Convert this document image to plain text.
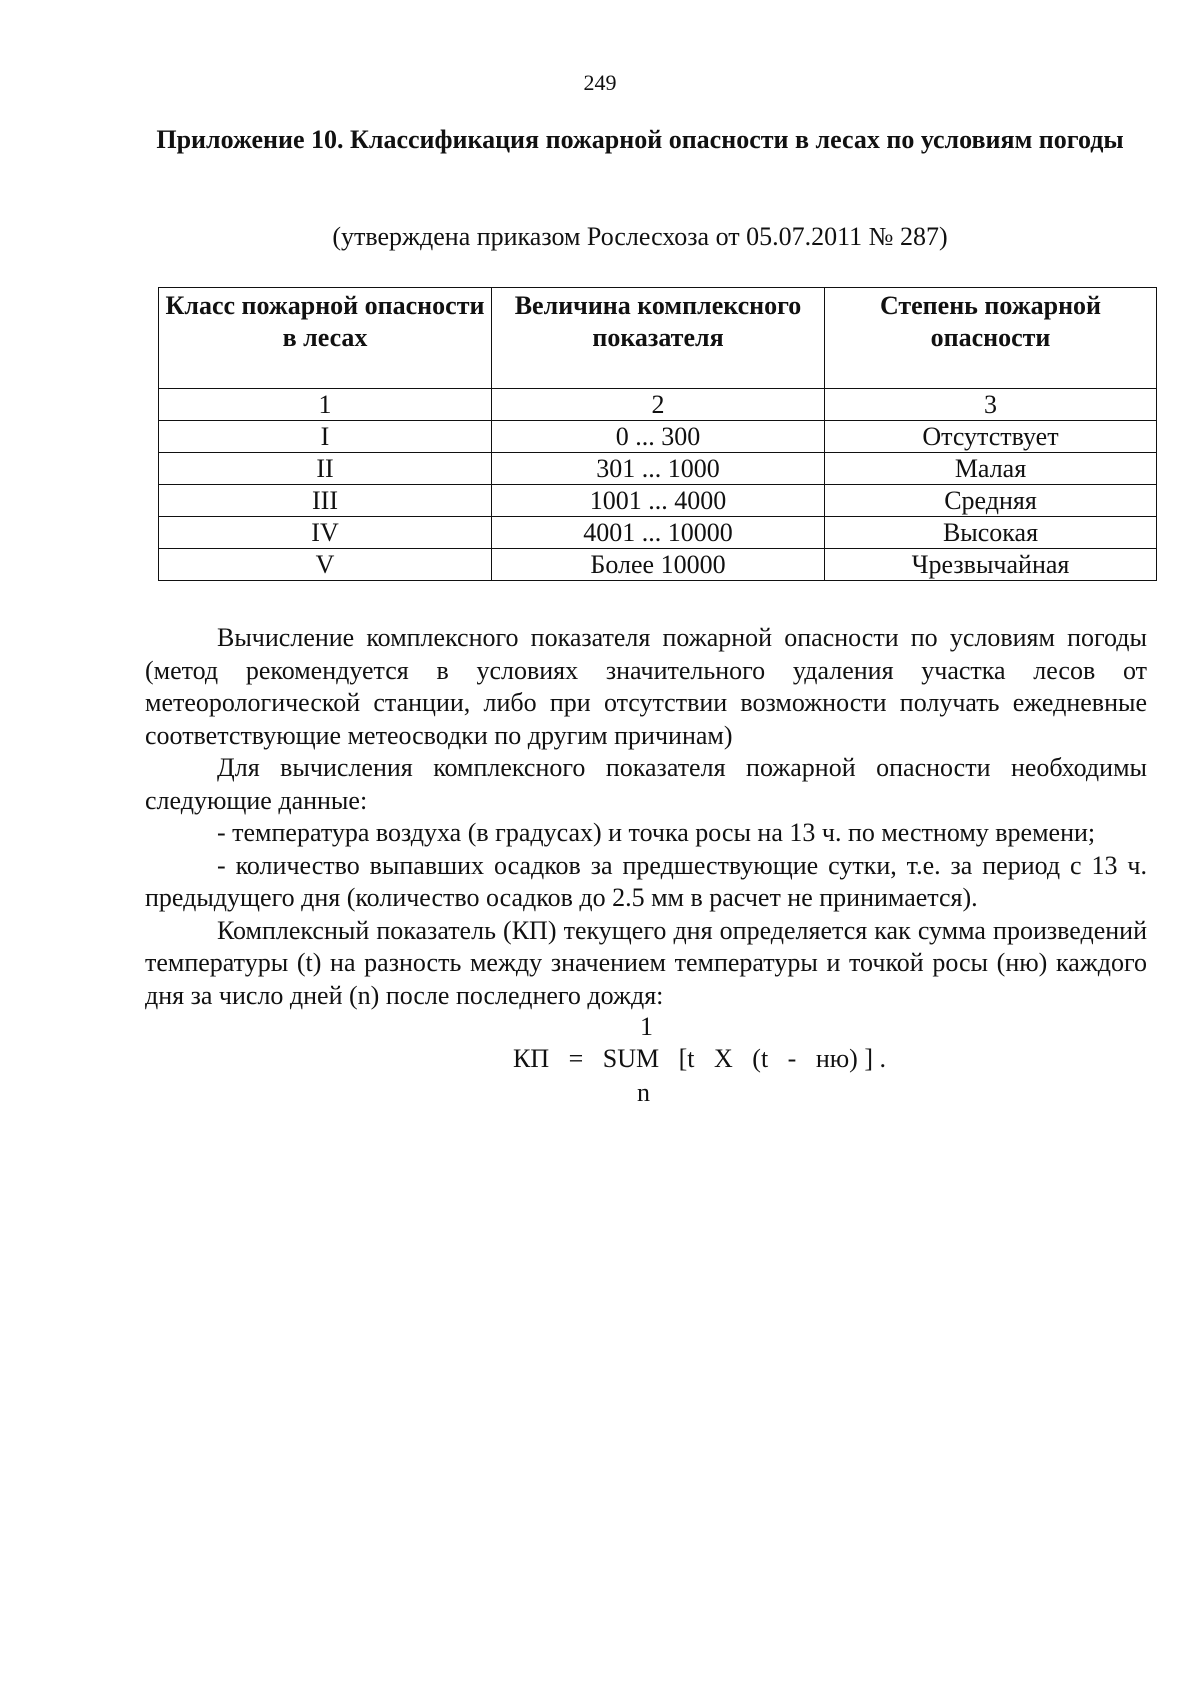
249
Приложение 10. Классификация пожарной опасности в лесах по условиям погоды
(утверждена приказом Рослесхоза от 05.07.2011 № 287)
Класс пожарной опасности в лесах	Величина комплексного показателя	Степень пожарной опасности
1	2	3
I	0 ... 300	Отсутствует
II	301 ... 1000	Малая
III	1001 ... 4000	Средняя
IV	4001 ... 10000	Высокая
V	Более 10000	Чрезвычайная

Вычисление комплексного показателя пожарной опасности по условиям погоды (метод рекомендуется в условиях значительного удаления участка лесов от метеорологической станции, либо при отсутствии возможности получать ежедневные соответствующие метеосводки по другим причинам)

Для вычисления комплексного показателя пожарной опасности необходимы следующие данные:

- температура воздуха (в градусах) и точка росы на 13 ч. по местному времени;

- количество выпавших осадков за предшествующие сутки, т.е. за период с 13 ч. предыдущего дня (количество осадков до 2.5 мм в расчет не принимается).

Комплексный показатель (КП) текущего дня определяется как сумма произведений температуры (t) на разность между значением температуры и точкой росы (ню) каждого дня за число дней (n) после последнего дождя:

1
КП   =   SUM   [t   X   (t   -   ню) ] .
n
